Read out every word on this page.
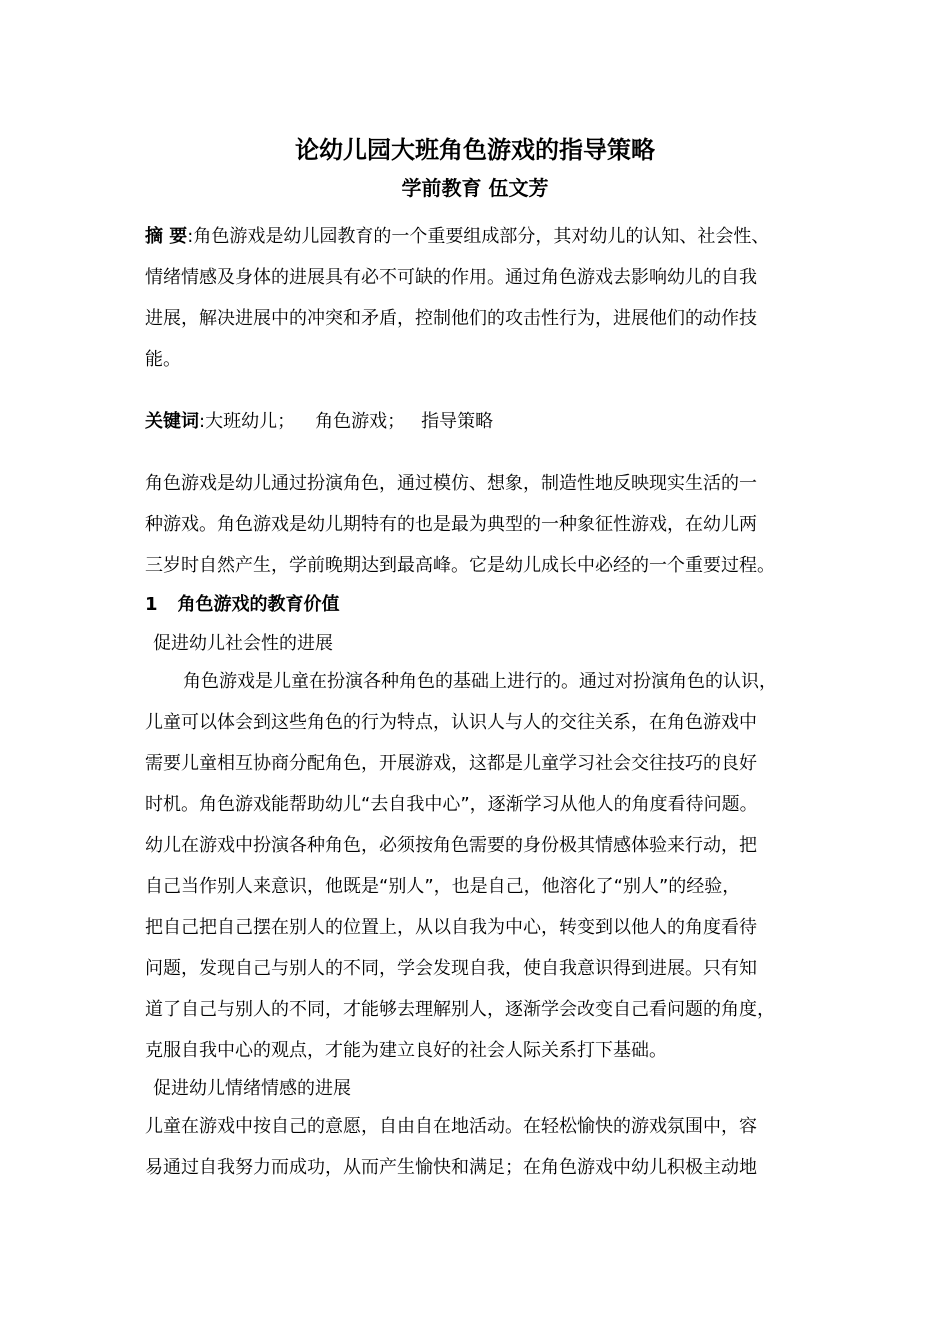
论幼儿园大班角色游戏的指导策略
学前教育 伍文芳
摘 要:角色游戏是幼儿园教育的一个重要组成部分，其对幼儿的认知、社会性、
情绪情感及身体的进展具有必不可缺的作用。通过角色游戏去影响幼儿的自我
进展，解决进展中的冲突和矛盾，控制他们的攻击性行为，进展他们的动作技
能。
关键词:大班幼儿； 角色游戏； 指导策略
角色游戏是幼儿通过扮演角色，通过模仿、想象，制造性地反映现实生活的一
种游戏。角色游戏是幼儿期特有的也是最为典型的一种象征性游戏，在幼儿两
三岁时自然产生，学前晚期达到最高峰。它是幼儿成长中必经的一个重要过程。
1 角色游戏的教育价值
促进幼儿社会性的进展
角色游戏是儿童在扮演各种角色的基础上进行的。通过对扮演角色的认识，
儿童可以体会到这些角色的行为特点，认识人与人的交往关系，在角色游戏中
需要儿童相互协商分配角色，开展游戏，这都是儿童学习社会交往技巧的良好
时机。角色游戏能帮助幼儿“去自我中心”，逐渐学习从他人的角度看待问题。
幼儿在游戏中扮演各种角色，必须按角色需要的身份极其情感体验来行动，把
自己当作别人来意识，他既是“别人”，也是自己，他溶化了“别人”的经验，
把自己把自己摆在别人的位置上，从以自我为中心，转变到以他人的角度看待
问题，发现自己与别人的不同，学会发现自我，使自我意识得到进展。只有知
道了自己与别人的不同，才能够去理解别人，逐渐学会改变自己看问题的角度，
克服自我中心的观点，才能为建立良好的社会人际关系打下基础。
促进幼儿情绪情感的进展
儿童在游戏中按自己的意愿，自由自在地活动。在轻松愉快的游戏氛围中，容
易通过自我努力而成功，从而产生愉快和满足；在角色游戏中幼儿积极主动地
